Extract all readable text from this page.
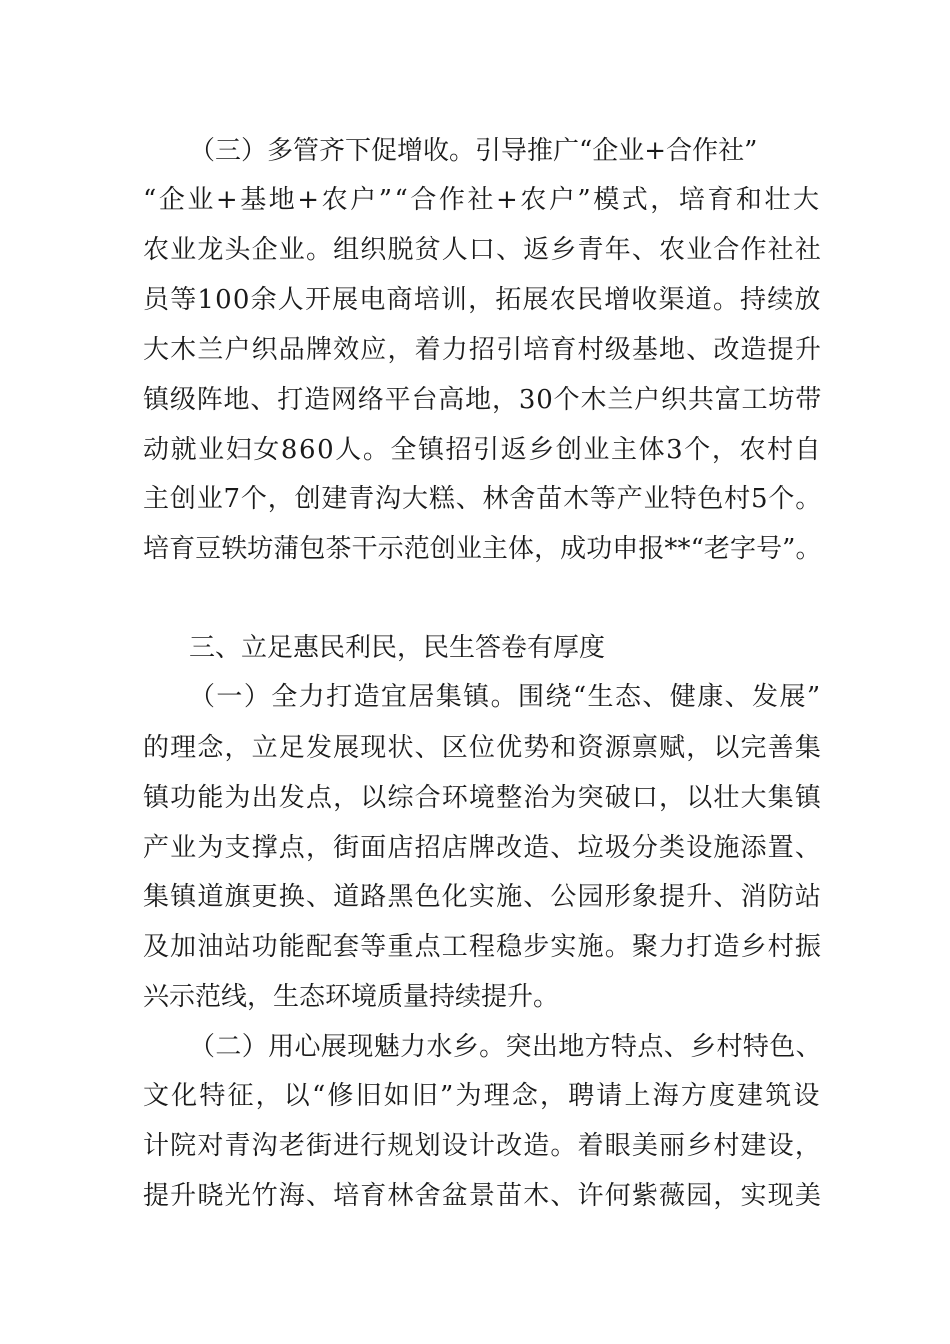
（三）多管齐下促增收。引导推广“企业+合作社”
“企业+基地+农户”“合作社+农户”模式，培育和壮大
农业龙头企业。组织脱贫人口、返乡青年、农业合作社社
员等100余人开展电商培训，拓展农民增收渠道。持续放
大木兰户织品牌效应，着力招引培育村级基地、改造提升
镇级阵地、打造网络平台高地，30个木兰户织共富工坊带
动就业妇女860人。全镇招引返乡创业主体3个，农村自
主创业7个，创建青沟大糕、林舍苗木等产业特色村5个。
培育豆轶坊蒲包茶干示范创业主体，成功申报**“老字号”。
三、立足惠民利民，民生答卷有厚度
（一）全力打造宜居集镇。围绕“生态、健康、发展”
的理念，立足发展现状、区位优势和资源禀赋，以完善集
镇功能为出发点，以综合环境整治为突破口，以壮大集镇
产业为支撑点，街面店招店牌改造、垃圾分类设施添置、
集镇道旗更换、道路黑色化实施、公园形象提升、消防站
及加油站功能配套等重点工程稳步实施。聚力打造乡村振
兴示范线，生态环境质量持续提升。
（二）用心展现魅力水乡。突出地方特点、乡村特色、
文化特征，以“修旧如旧”为理念，聘请上海方度建筑设
计院对青沟老街进行规划设计改造。着眼美丽乡村建设，
提升晓光竹海、培育林舍盆景苗木、许何紫薇园，实现美
